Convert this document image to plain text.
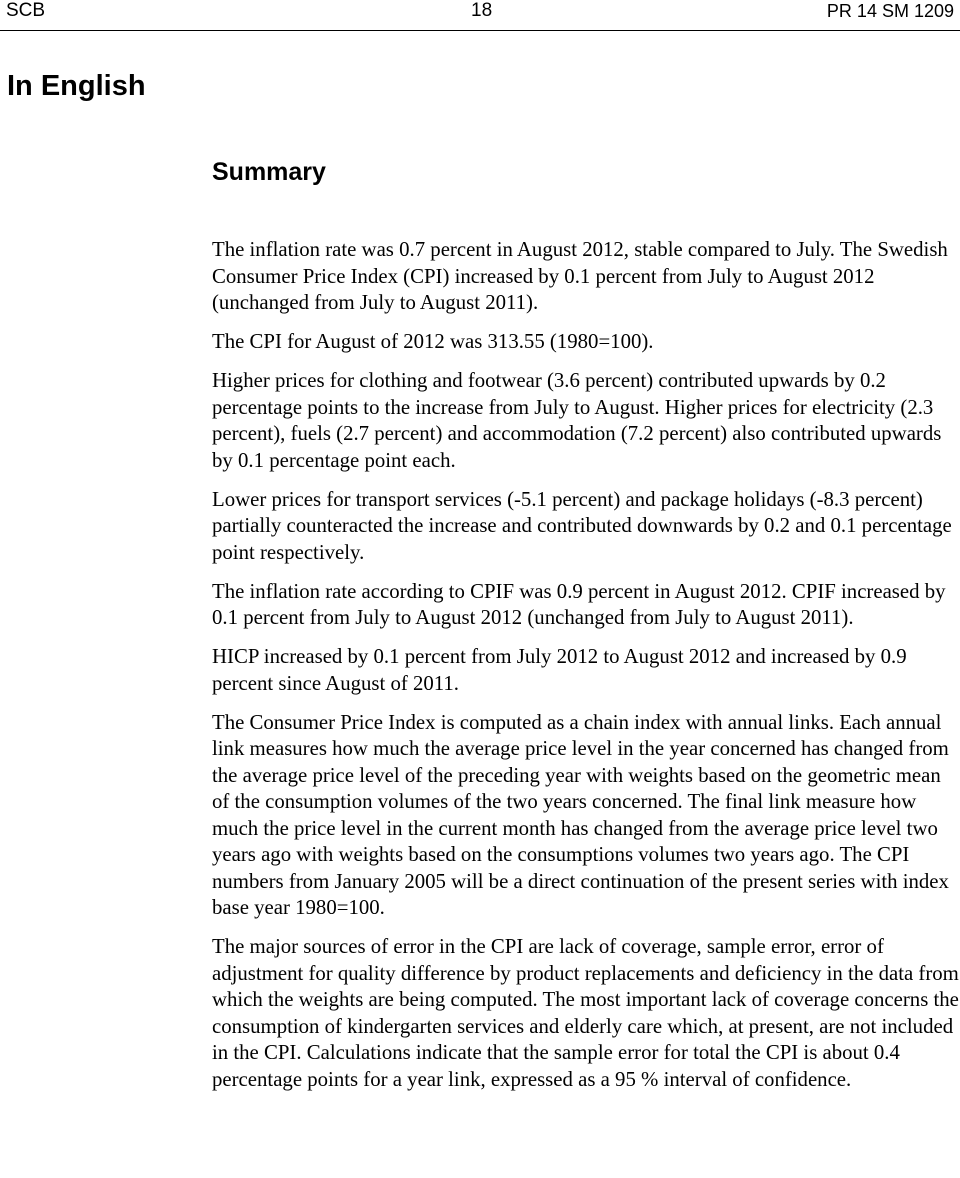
SCB	18	PR 14 SM 1209
In English
Summary

The inflation rate was 0.7 percent in August 2012, stable compared to July. The Swedish Consumer Price Index (CPI) increased by 0.1 percent from July to August 2012 (unchanged from July to August 2011).

The CPI for August of 2012 was 313.55 (1980=100).

Higher prices for clothing and footwear (3.6 percent) contributed upwards by 0.2 percentage points to the increase from July to August. Higher prices for electricity (2.3 percent), fuels (2.7 percent) and accommodation (7.2 percent) also contributed upwards by 0.1 percentage point each.

Lower prices for transport services (-5.1 percent) and package holidays (-8.3 percent) partially counteracted the increase and contributed downwards by 0.2 and 0.1 percentage point respectively.

The inflation rate according to CPIF was 0.9 percent in August 2012. CPIF increased by 0.1 percent from July to August 2012 (unchanged from July to August 2011).

HICP increased by 0.1 percent from July 2012 to August 2012 and increased by 0.9 percent since August of 2011.

The Consumer Price Index is computed as a chain index with annual links. Each annual link measures how much the average price level in the year concerned has changed from the average price level of the preceding year with weights based on the geometric mean of the consumption volumes of the two years concerned. The final link measure how much the price level in the current month has changed from the average price level two years ago with weights based on the consumptions volumes two years ago. The CPI numbers from January 2005 will be a direct continuation of the present series with index base year 1980=100.

The major sources of error in the CPI are lack of coverage, sample error, error of adjustment for quality difference by product replacements and deficiency in the data from which the weights are being computed. The most important lack of coverage concerns the consumption of kindergarten services and elderly care which, at present, are not included in the CPI. Calculations indicate that the sample error for total the CPI is about 0.4 percentage points for a year link, expressed as a 95 % interval of confidence.
